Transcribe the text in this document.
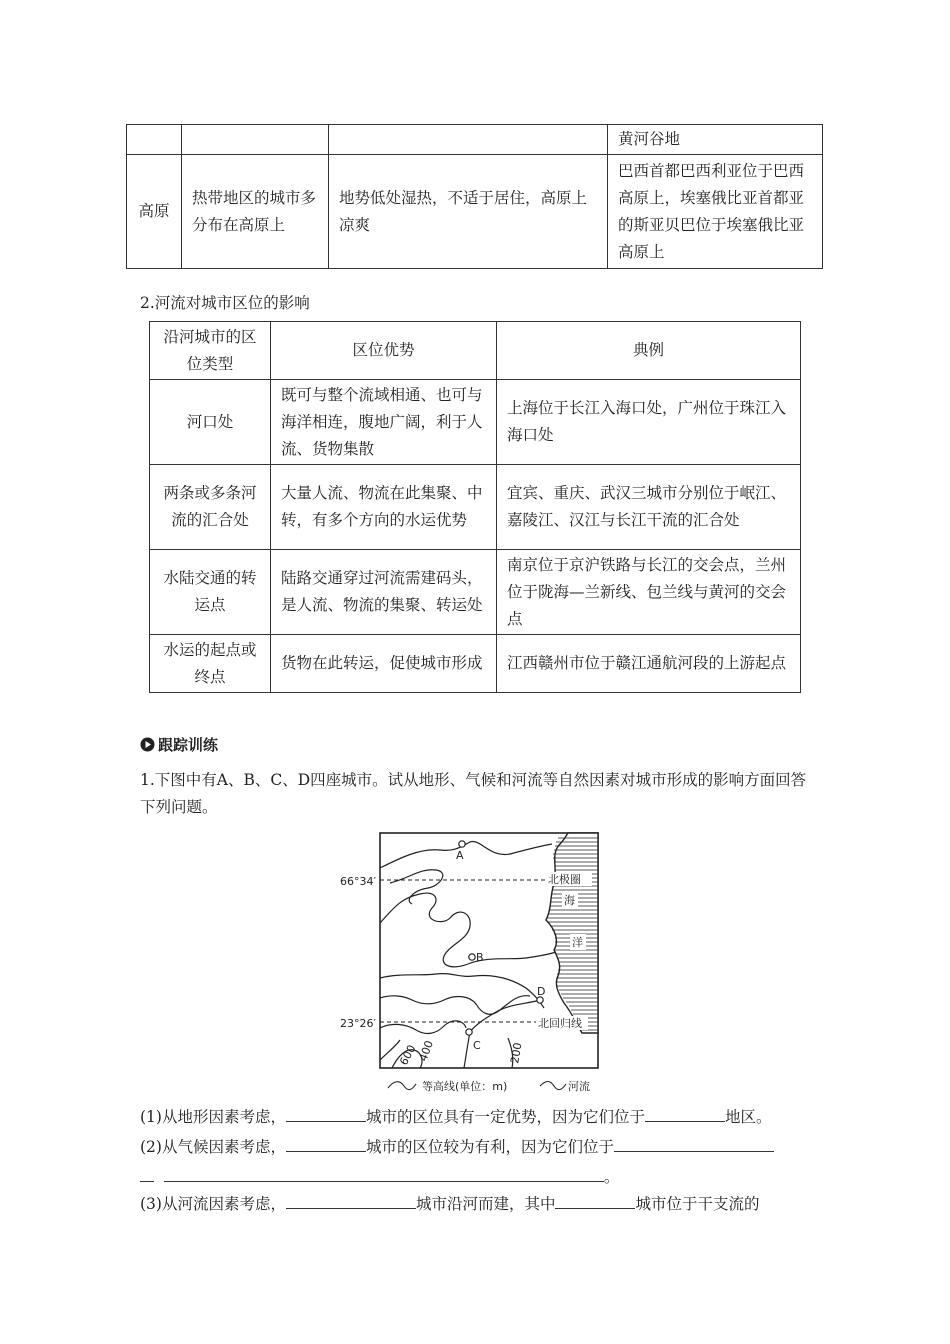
			黄河谷地
高原	热带地区的城市多分布在高原上	地势低处湿热，不适于居住，高原上凉爽	巴西首都巴西利亚位于巴西高原上，埃塞俄比亚首都亚的斯亚贝巴位于埃塞俄比亚高原上
2.河流对城市区位的影响
沿河城市的区位类型	区位优势	典例
河口处	既可与整个流域相通、也可与海洋相连，腹地广阔，利于人流、货物集散	上海位于长江入海口处，广州位于珠江入海口处
两条或多条河流的汇合处	大量人流、物流在此集聚、中转，有多个方向的水运优势	宜宾、重庆、武汉三城市分别位于岷江、嘉陵江、汉江与长江干流的汇合处
水陆交通的转运点	陆路交通穿过河流需建码头，是人流、物流的集聚、转运处	南京位于京沪铁路与长江的交会点，兰州位于陇海—兰新线、包兰线与黄河的交会点
水运的起点或终点	货物在此转运，促使城市形成	江西赣州市位于赣江通航河段的上游起点
跟踪训练
1.下图中有A、B、C、D四座城市。试从地形、气候和河流等自然因素对城市形成的影响方面回答下列问题。
A
B
C
D
66°34′
23°26′
北极圈
海
洋
北回归线
600
400	200
等高线(单位：m)	河流
(1)从地形因素考虑，	城市的区位具有一定优势，因为它们位于	地区。
(2)从气候因素考虑，	城市的区位较为有利，因为它们位于
。
(3)从河流因素考虑，	城市沿河而建，其中	城市位于干支流的
